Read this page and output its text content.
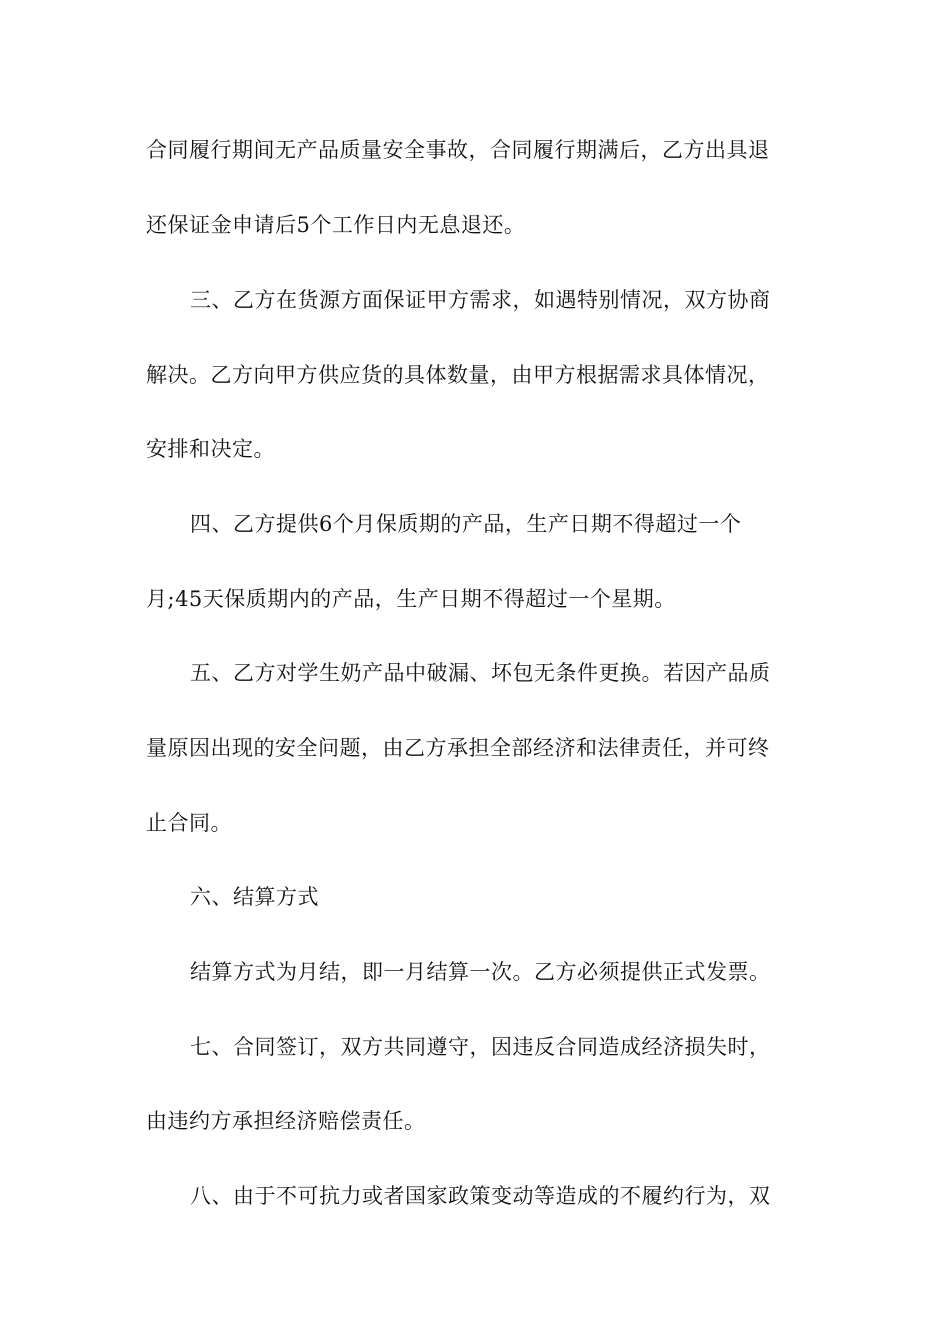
合同履行期间无产品质量安全事故，合同履行期满后，乙方出具退
还保证金申请后5个工作日内无息退还。
三、乙方在货源方面保证甲方需求，如遇特别情况，双方协商
解决。乙方向甲方供应货的具体数量，由甲方根据需求具体情况，
安排和决定。
四、乙方提供6个月保质期的产品，生产日期不得超过一个
月;45天保质期内的产品，生产日期不得超过一个星期。
五、乙方对学生奶产品中破漏、坏包无条件更换。若因产品质
量原因出现的安全问题，由乙方承担全部经济和法律责任，并可终
止合同。
六、结算方式
结算方式为月结，即一月结算一次。乙方必须提供正式发票。
七、合同签订，双方共同遵守，因违反合同造成经济损失时，
由违约方承担经济赔偿责任。
八、由于不可抗力或者国家政策变动等造成的不履约行为，双
